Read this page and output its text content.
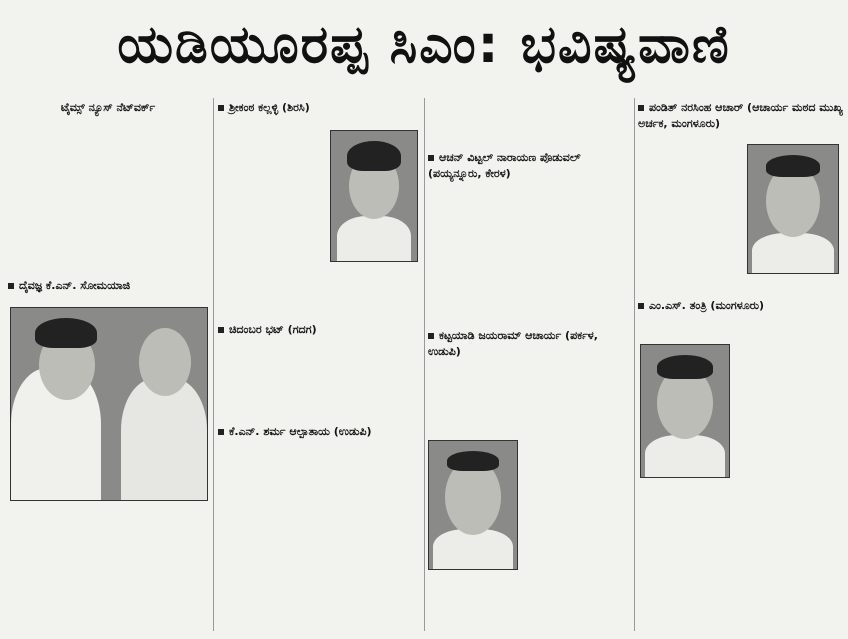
ಯಡಿಯೂರಪ್ಪ ಸಿಎಂ: ಭವಿಷ್ಯವಾಣಿ
ಟೈಮ್ಸ್ ನ್ಯೂಸ್ ನೆಟ್‌ವರ್ಕ್
ದೈವಜ್ಞ ಕೆ.ಎನ್. ಸೋಮಯಾಜಿ
ಶ್ರೀಕಂಠ ಕಲ್ಲಳ್ಳಿ (ಶಿರಸಿ)
ಚಿದಂಬರ ಭಟ್ (ಗದಗ)
ಕೆ.ಎನ್. ಶರ್ಮ ಆಲ್ಪಾತಾಯ (ಉಡುಪಿ)
ಆಚನ್ ವಿಟ್ಟಲ್ ನಾರಾಯಣ ಪೊಡುವಲ್ (ಪಯ್ಯನ್ನೂರು, ಕೇರಳ)
ಕಟ್ಟಯಾಡಿ ಜಯರಾಮ್ ಆಚಾರ್ಯ (ಪರ್ಕಳ, ಉಡುಪಿ)
ಪಂಡಿತ್ ನರಸಿಂಹ ಆಚಾರ್ (ಆಚಾರ್ಯ ಮಠದ ಮುಖ್ಯ ಅರ್ಚಕ, ಮಂಗಳೂರು)
ಎಂ.ಎಸ್. ತಂತ್ರಿ (ಮಂಗಳೂರು)
